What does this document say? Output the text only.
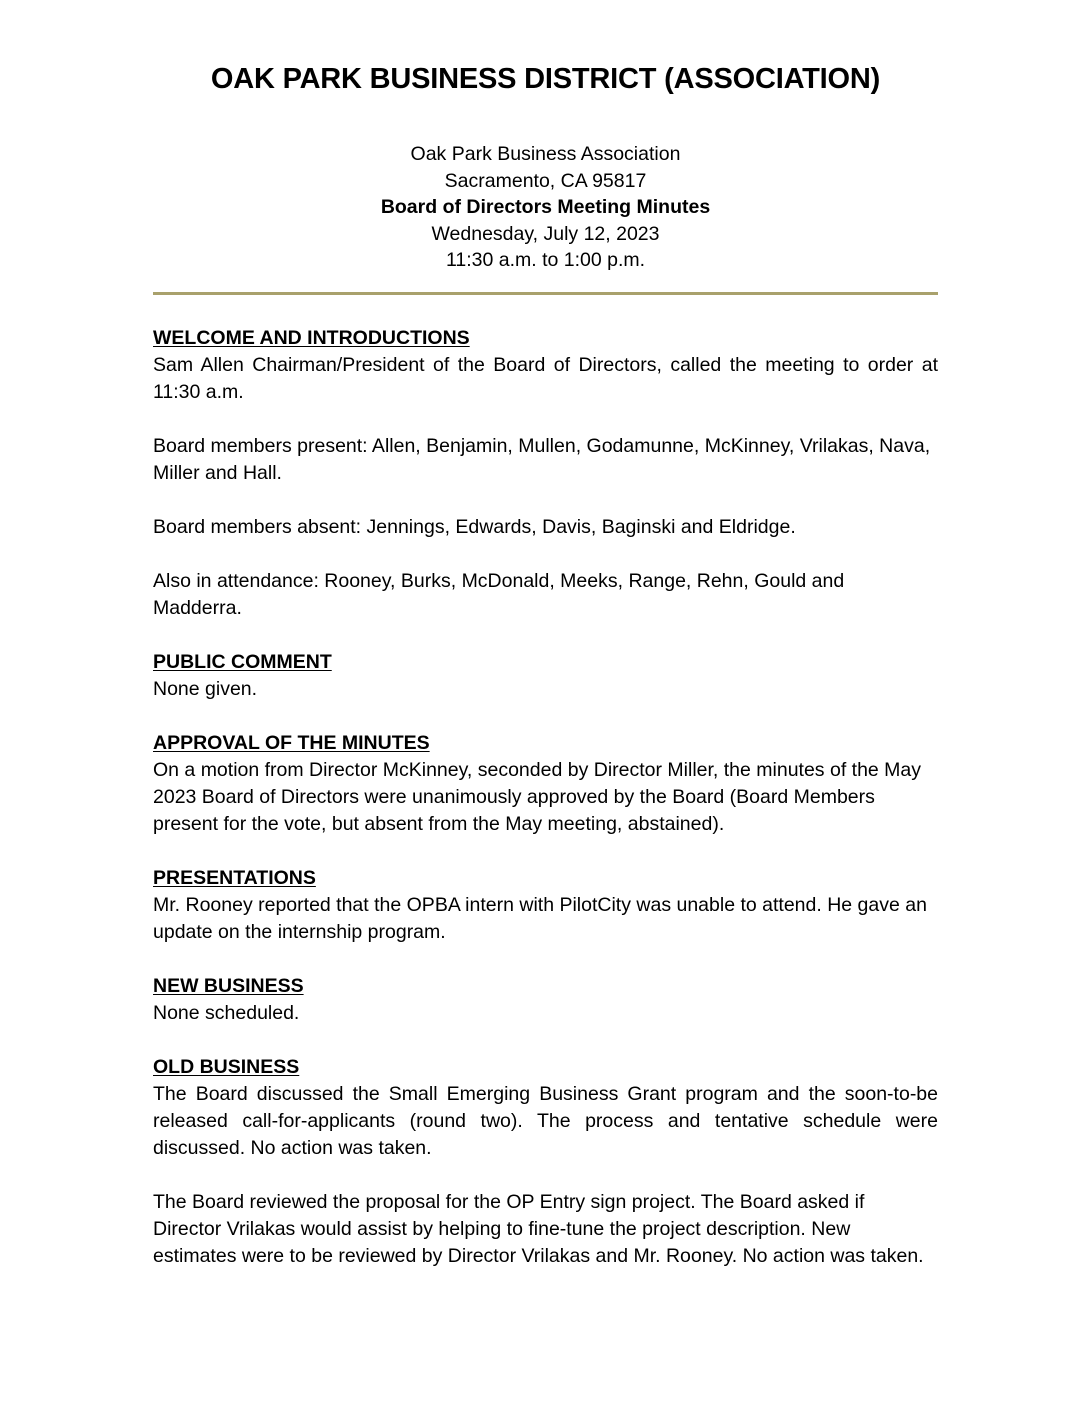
OAK PARK BUSINESS DISTRICT (ASSOCIATION)
Oak Park Business Association
Sacramento, CA 95817
Board of Directors Meeting Minutes
Wednesday, July 12, 2023
11:30 a.m. to 1:00 p.m.
WELCOME AND INTRODUCTIONS

Sam Allen Chairman/President of the Board of Directors, called the meeting to order at 11:30 a.m.

Board members present: Allen, Benjamin, Mullen, Godamunne, McKinney, Vrilakas, Nava, Miller and Hall.

Board members absent: Jennings, Edwards, Davis, Baginski and Eldridge.

Also in attendance: Rooney, Burks, McDonald, Meeks, Range, Rehn, Gould and Madderra.

PUBLIC COMMENT

None given.

APPROVAL OF THE MINUTES

On a motion from Director McKinney, seconded by Director Miller, the minutes of the May 2023 Board of Directors were unanimously approved by the Board (Board Members present for the vote, but absent from the May meeting, abstained).

PRESENTATIONS

Mr. Rooney reported that the OPBA intern with PilotCity was unable to attend. He gave an update on the internship program.

NEW BUSINESS

None scheduled.

OLD BUSINESS

The Board discussed the Small Emerging Business Grant program and the soon-to-be released call-for-applicants (round two). The process and tentative schedule were discussed. No action was taken.

The Board reviewed the proposal for the OP Entry sign project. The Board asked if Director Vrilakas would assist by helping to fine-tune the project description. New estimates were to be reviewed by Director Vrilakas and Mr. Rooney. No action was taken.
